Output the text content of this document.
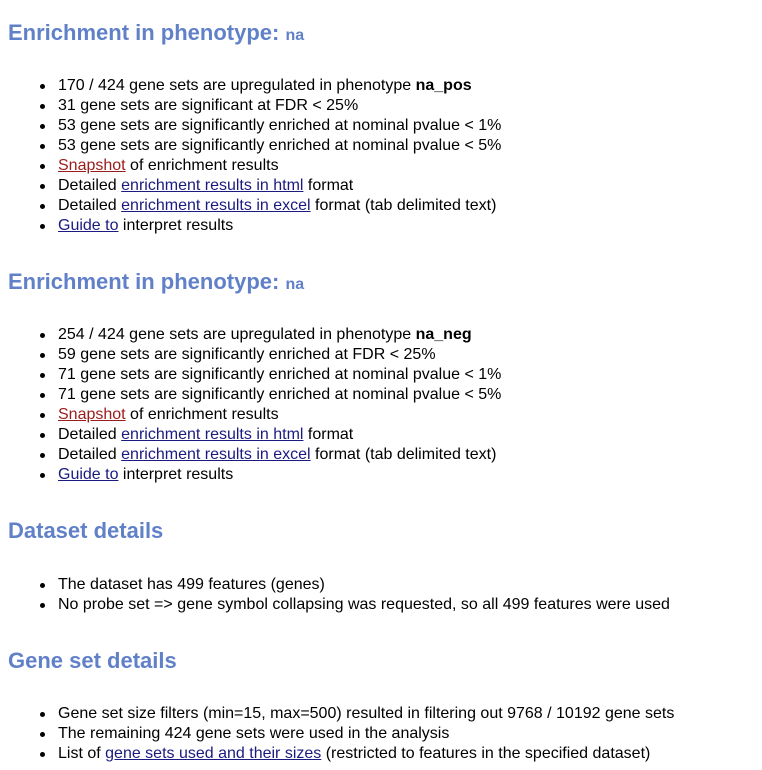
Enrichment in phenotype: na
170 / 424 gene sets are upregulated in phenotype na_pos
31 gene sets are significant at FDR < 25%
53 gene sets are significantly enriched at nominal pvalue < 1%
53 gene sets are significantly enriched at nominal pvalue < 5%
Snapshot of enrichment results
Detailed enrichment results in html format
Detailed enrichment results in excel format (tab delimited text)
Guide to interpret results
Enrichment in phenotype: na
254 / 424 gene sets are upregulated in phenotype na_neg
59 gene sets are significantly enriched at FDR < 25%
71 gene sets are significantly enriched at nominal pvalue < 1%
71 gene sets are significantly enriched at nominal pvalue < 5%
Snapshot of enrichment results
Detailed enrichment results in html format
Detailed enrichment results in excel format (tab delimited text)
Guide to interpret results
Dataset details
The dataset has 499 features (genes)
No probe set => gene symbol collapsing was requested, so all 499 features were used
Gene set details
Gene set size filters (min=15, max=500) resulted in filtering out 9768 / 10192 gene sets
The remaining 424 gene sets were used in the analysis
List of gene sets used and their sizes (restricted to features in the specified dataset)
